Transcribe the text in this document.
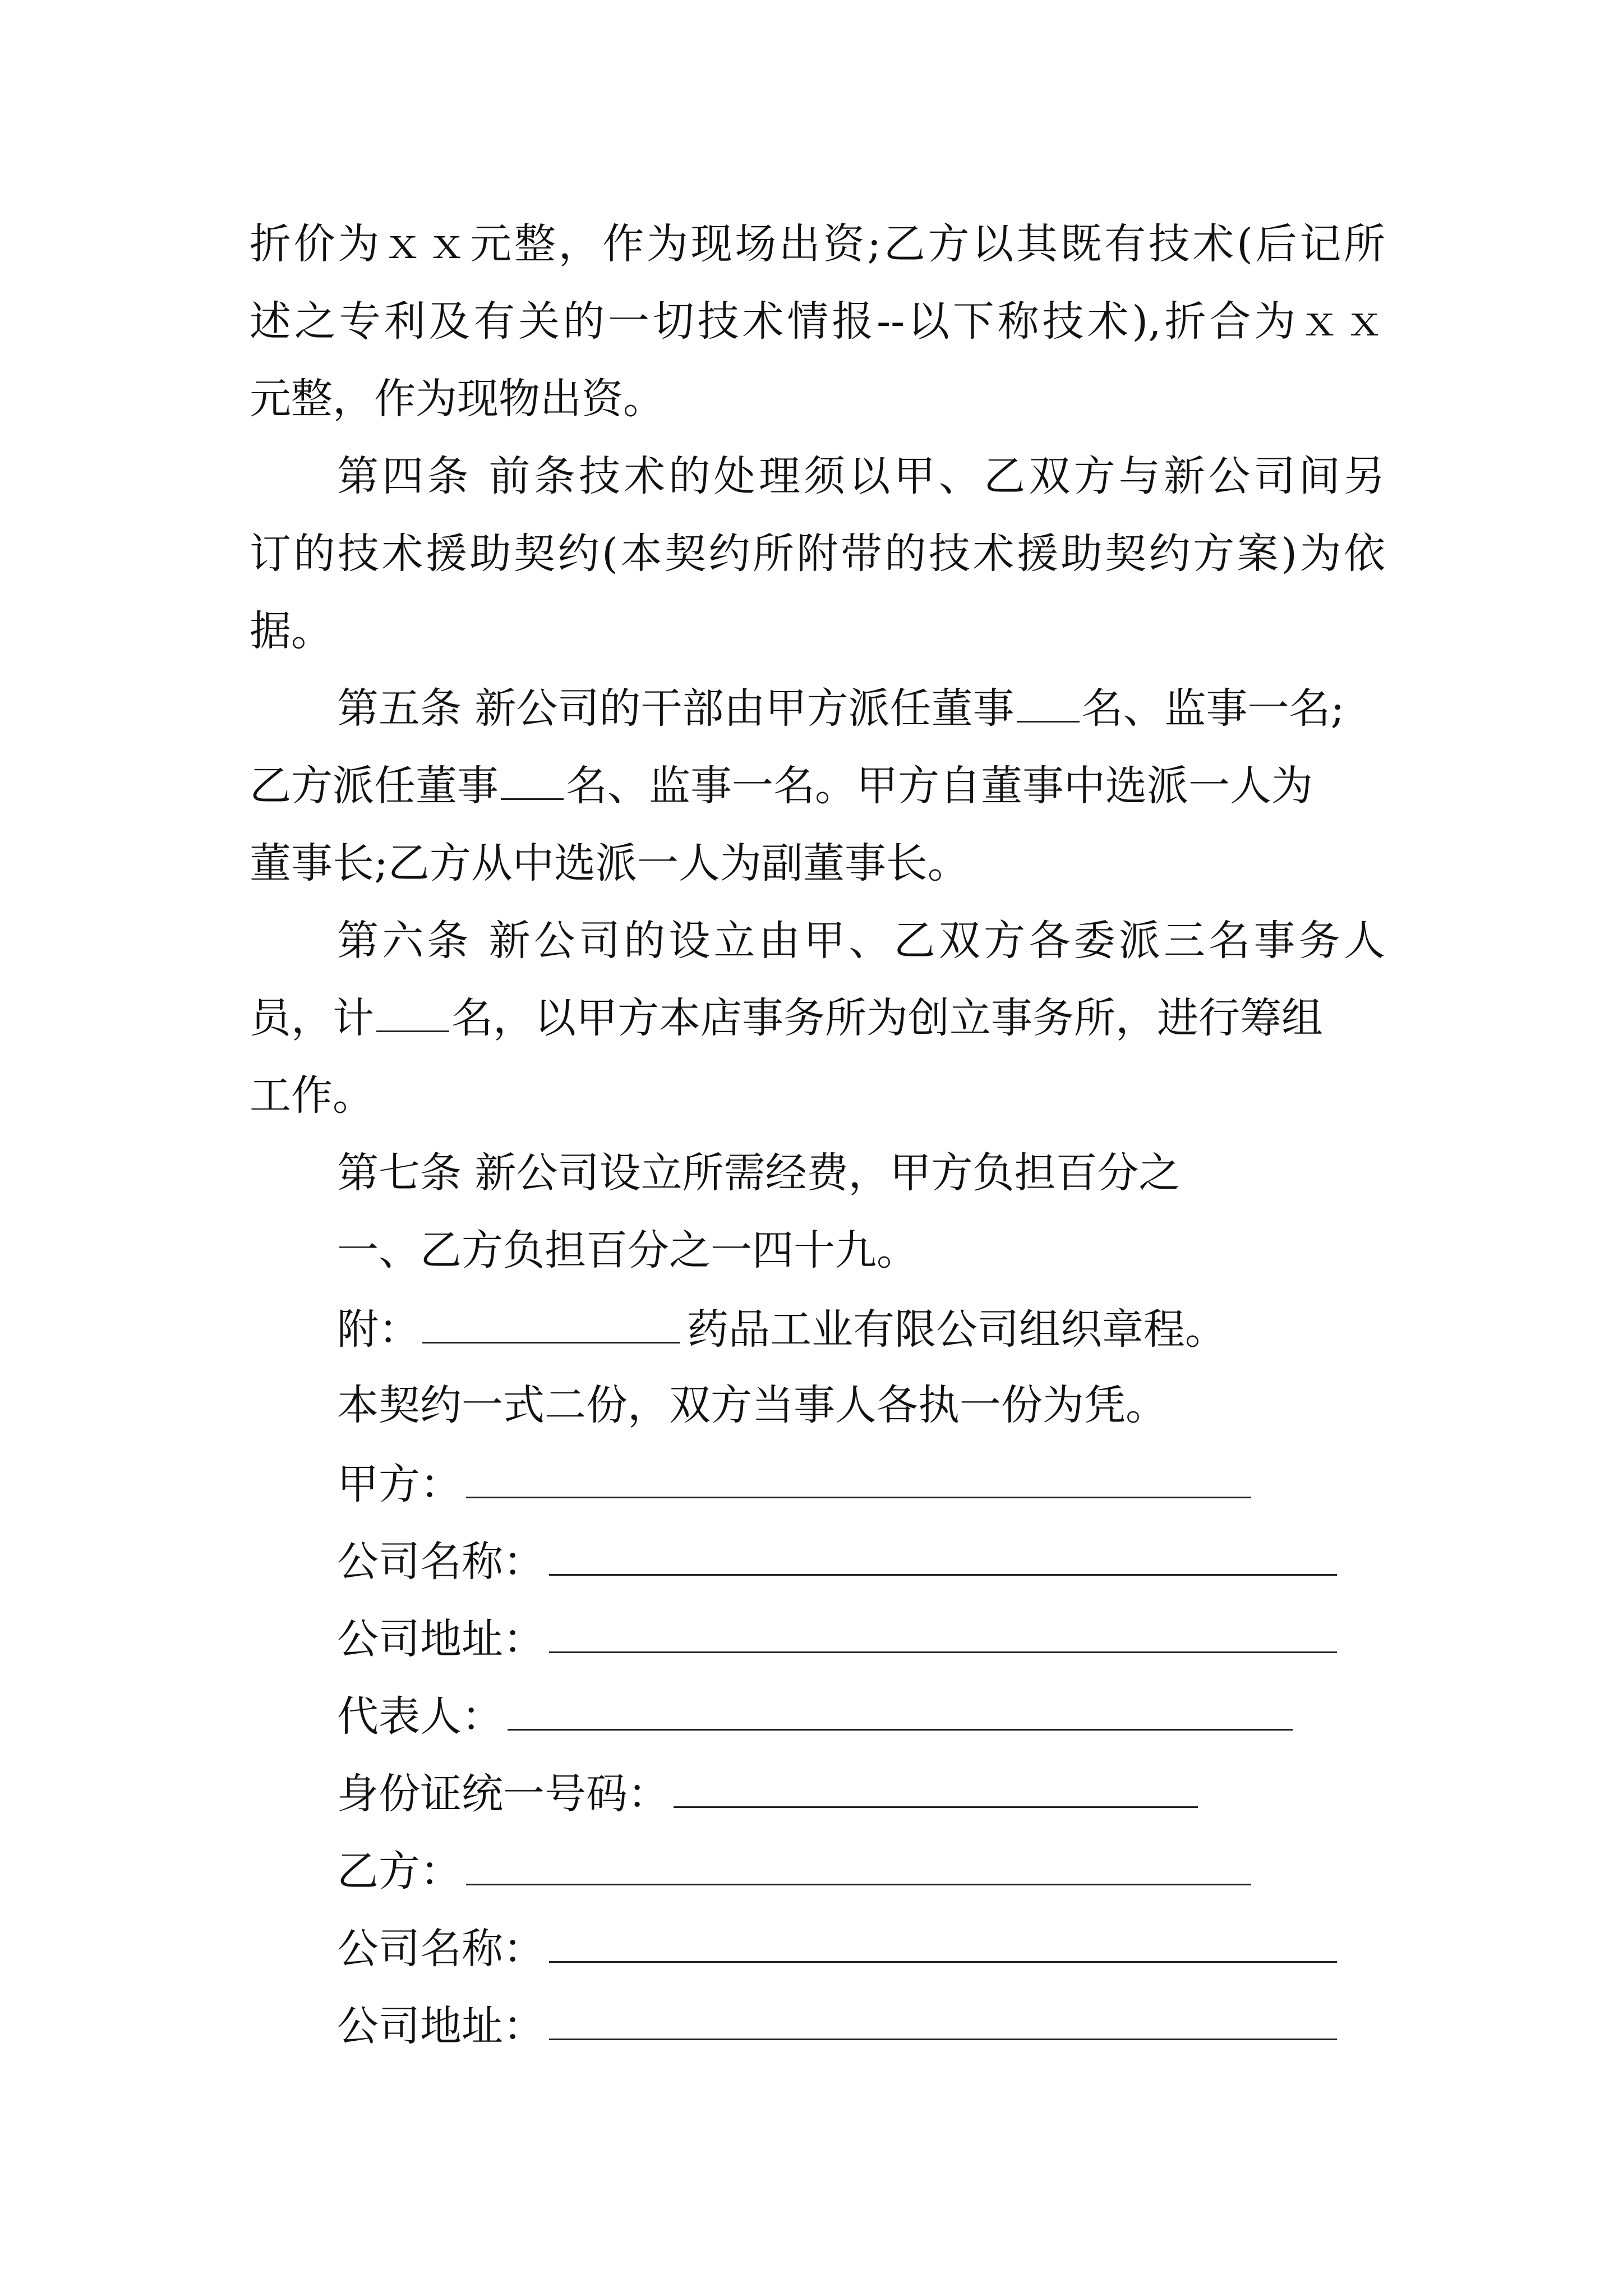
折价为ｘｘ元整，作为现场出资;乙方以其既有技术(后记所
述之专利及有关的一切技术情报--以下称技术),折合为ｘｘ
元整，作为现物出资。
第四条 前条技术的处理须以甲、乙双方与新公司间另
订的技术援助契约(本契约所附带的技术援助契约方案)为依
据。
第五条 新公司的干部由甲方派任董事 名、监事一名;
乙方派任董事 名、监事一名。甲方自董事中选派一人为
董事长;乙方从中选派一人为副董事长。
第六条 新公司的设立由甲、乙双方各委派三名事务人
员，计 名，以甲方本店事务所为创立事务所，进行筹组
工作。
第七条 新公司设立所需经费，甲方负担百分之
一、乙方负担百分之一四十九。
附：	药品工业有限公司组织章程。
本契约一式二份，双方当事人各执一份为凭。
甲方：
公司名称：
公司地址：
代表人：
身份证统一号码：
乙方：
公司名称：
公司地址：
